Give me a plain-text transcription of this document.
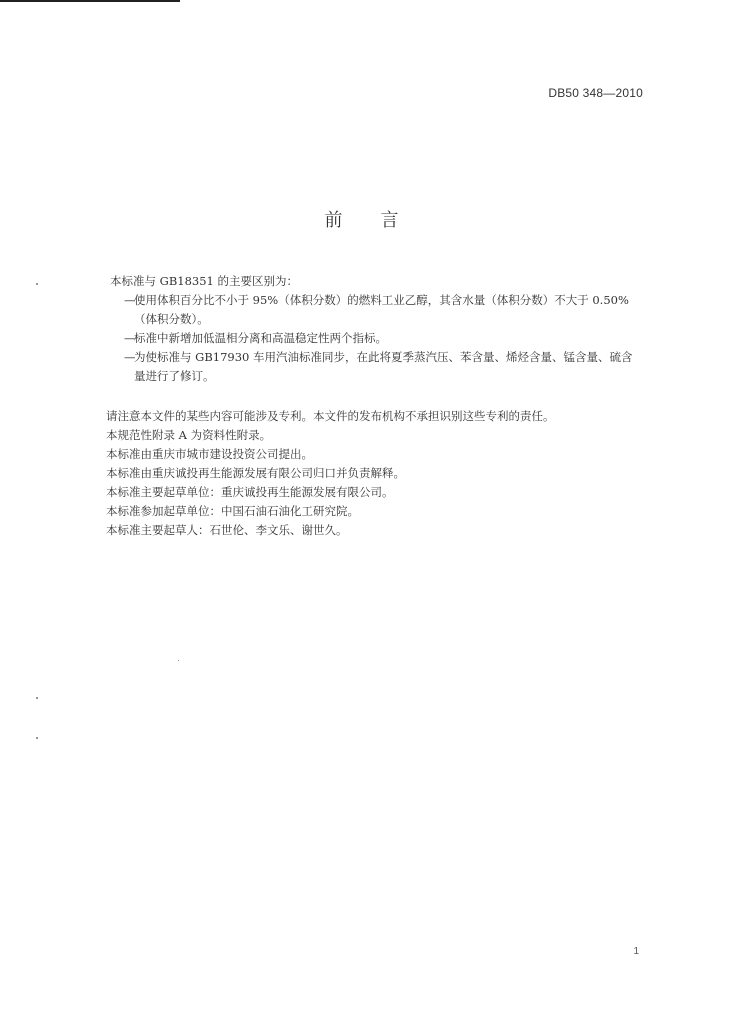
DB50 348—2010
前言
本标准与 GB18351 的主要区别为：
—
使用体积百分比不小于 95%（体积分数）的燃料工业乙醇，其含水量（体积分数）不大于 0.50%（体积分数）。
—
标准中新增加低温相分离和高温稳定性两个指标。
—
为使标准与 GB17930 车用汽油标准同步，在此将夏季蒸汽压、苯含量、烯烃含量、锰含量、硫含量进行了修订。
请注意本文件的某些内容可能涉及专利。本文件的发布机构不承担识别这些专利的责任。
本规范性附录 A 为资料性附录。
本标准由重庆市城市建设投资公司提出。
本标准由重庆诚投再生能源发展有限公司归口并负责解释。
本标准主要起草单位：重庆诚投再生能源发展有限公司。
本标准参加起草单位：中国石油石油化工研究院。
本标准主要起草人：石世伦、李文乐、谢世久。
1
